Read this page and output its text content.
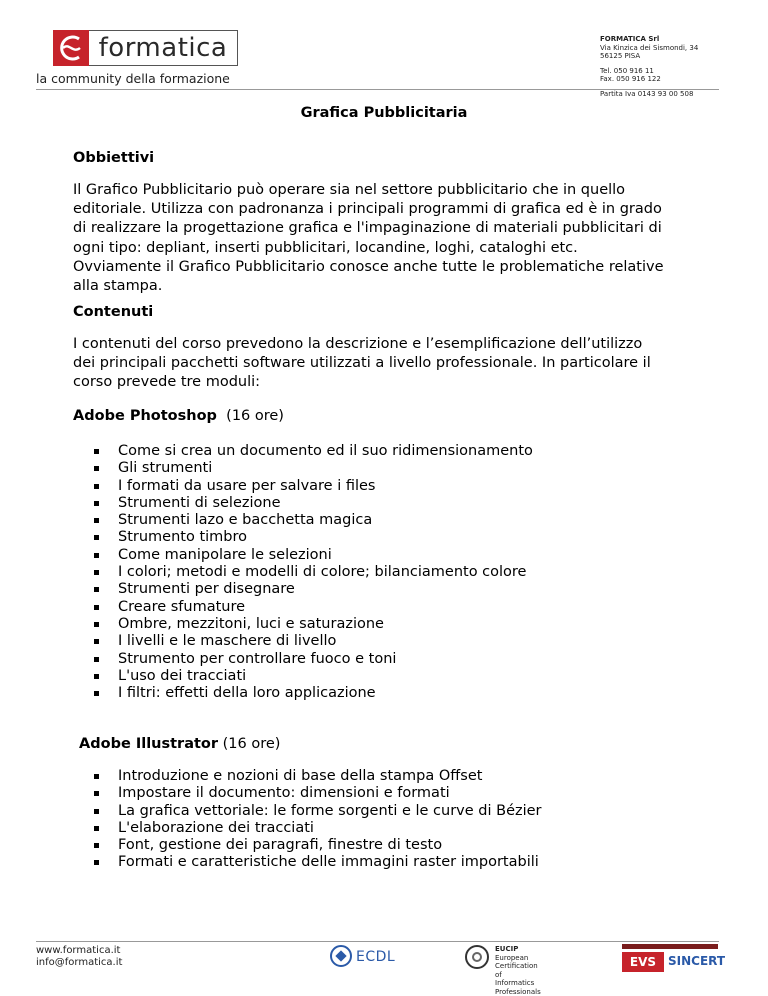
formatica
la community della formazione
FORMATICA Srl
Via Kinzica dei Sismondi, 34
56125 PISA
Tel. 050 916 11
Fax. 050 916 122
Partita Iva 0143 93 00 508
Grafica Pubblicitaria
Obbiettivi
Il Grafico Pubblicitario può operare sia nel settore pubblicitario che in quello
editoriale. Utilizza con padronanza i principali programmi di grafica ed è in grado
di realizzare la progettazione grafica e l'impaginazione di materiali pubblicitari di
ogni tipo: depliant, inserti pubblicitari, locandine, loghi, cataloghi etc.
Ovviamente il Grafico Pubblicitario conosce anche tutte le problematiche relative
alla stampa.
Contenuti
I contenuti del corso prevedono la descrizione e l’esemplificazione dell’utilizzo
dei principali pacchetti software utilizzati a livello professionale. In particolare il
corso prevede tre moduli:
Adobe Photoshop (16 ore)
Come si crea un documento ed il suo ridimensionamento
Gli strumenti
I formati da usare per salvare i files
Strumenti di selezione
Strumenti lazo e bacchetta magica
Strumento timbro
Come manipolare le selezioni
I colori; metodi e modelli di colore; bilanciamento colore
Strumenti per disegnare
Creare sfumature
Ombre, mezzitoni, luci e saturazione
I livelli e le maschere di livello
Strumento per controllare fuoco e toni
L'uso dei tracciati
I filtri: effetti della loro applicazione
Adobe Illustrator (16 ore)
Introduzione e nozioni di base della stampa Offset
Impostare il documento: dimensioni e formati
La grafica vettoriale: le forme sorgenti e le curve di Bézier
L'elaborazione dei tracciati
Font, gestione dei paragrafi, finestre di testo
Formati e caratteristiche delle immagini raster importabili
www.formatica.it
info@formatica.it	ECDL	EUCIP
European Certification of
Informatics Professionals
EVS SINCERT
